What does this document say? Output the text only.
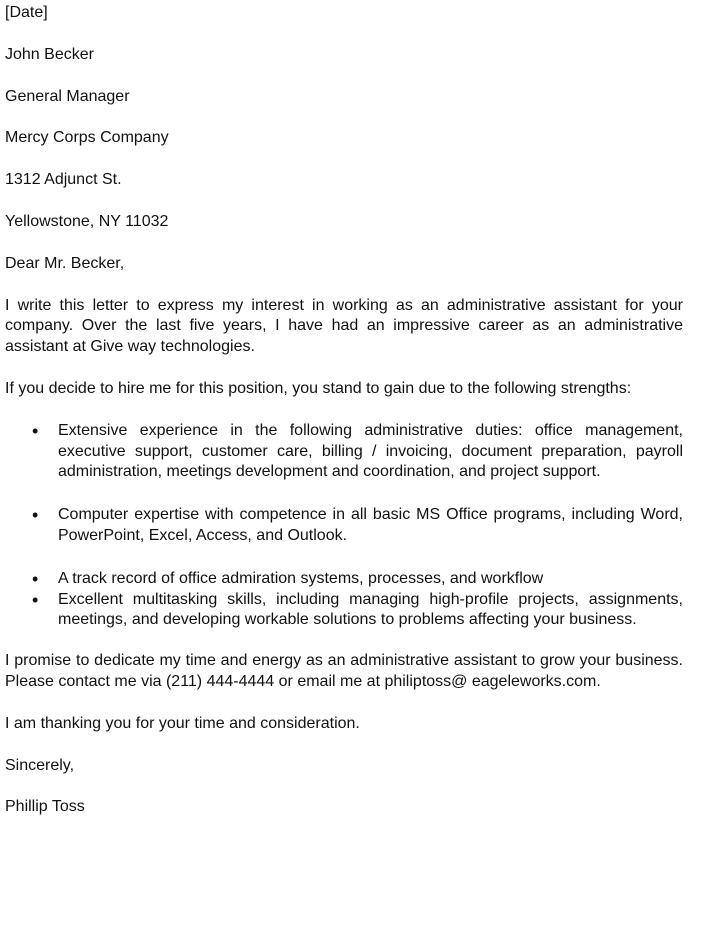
[Date]

John Becker

General Manager

Mercy Corps Company

1312 Adjunct St.

Yellowstone, NY 11032

Dear Mr. Becker,

I write this letter to express my interest in working as an administrative assistant for your company. Over the last five years, I have had an impressive career as an administrative assistant at Give way technologies.

If you decide to hire me for this position, you stand to gain due to the following strengths:

• Extensive experience in the following administrative duties: office management, executive support, customer care, billing / invoicing, document preparation, payroll administration, meetings development and coordination, and project support.
• Computer expertise with competence in all basic MS Office programs, including Word, PowerPoint, Excel, Access, and Outlook.
• A track record of office admiration systems, processes, and workflow
• Excellent multitasking skills, including managing high-profile projects, assignments, meetings, and developing workable solutions to problems affecting your business.

I promise to dedicate my time and energy as an administrative assistant to grow your business. Please contact me via (211) 444-4444 or email me at philiptoss@ eageleworks.com.

I am thanking you for your time and consideration.

Sincerely,

Phillip Toss
